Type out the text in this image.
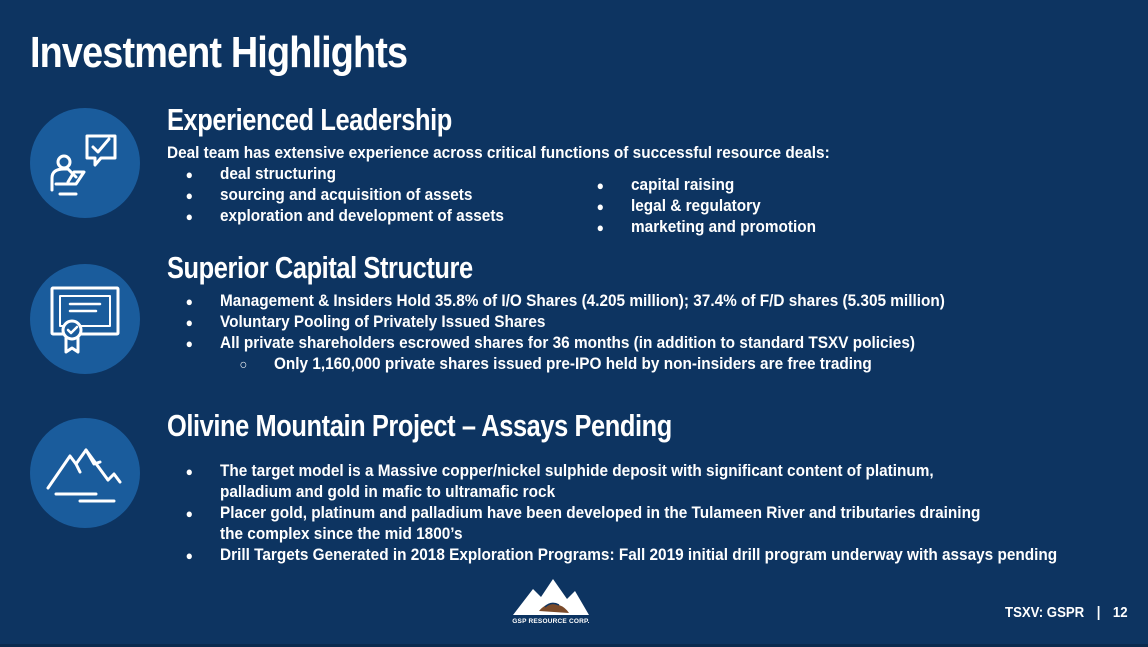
Investment Highlights
Experienced Leadership
Deal team has extensive experience across critical functions of successful resource deals:
● deal structuring
● sourcing and acquisition of assets
● exploration and development of assets
● capital raising
● legal & regulatory
● marketing and promotion
Superior Capital Structure
● Management & Insiders Hold 35.8% of I/O Shares (4.205 million); 37.4% of F/D shares (5.305 million)
● Voluntary Pooling of Privately Issued Shares
● All private shareholders escrowed shares for 36 months (in addition to standard TSXV policies)
○ Only 1,160,000 private shares issued pre-IPO held by non-insiders are free trading
Olivine Mountain Project – Assays Pending
● The target model is a Massive copper/nickel sulphide deposit with significant content of platinum, palladium and gold in mafic to ultramafic rock
● Placer gold, platinum and palladium have been developed in the Tulameen River and tributaries draining the complex since the mid 1800’s
● Drill Targets Generated in 2018 Exploration Programs: Fall 2019 initial drill program underway with assays pending
GSP RESOURCE CORP.
TSXV: GSPR | 12
